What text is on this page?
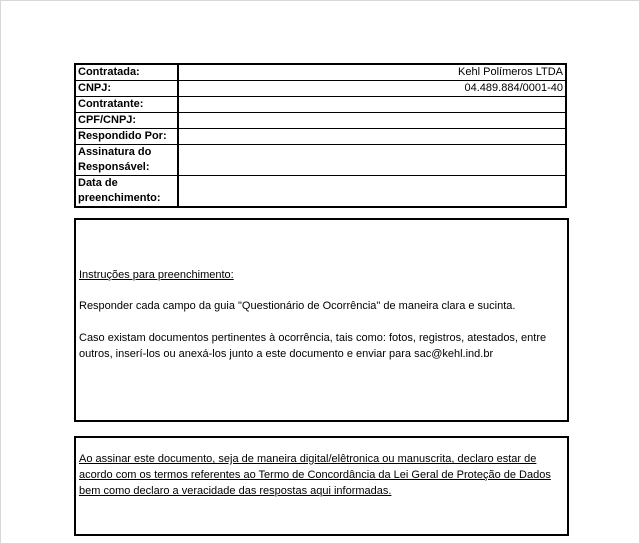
Contratada:	Kehl Polímeros LTDA
CNPJ:	04.489.884/0001-40
Contratante:	
CPF/CNPJ:	
Respondido Por:	
Assinatura do Responsável:	
Data de preenchimento:	
Instruções para preenchimento:
Responder cada campo da guia "Questionário de Ocorrência" de maneira clara e sucinta.
Caso existam documentos pertinentes à ocorrência, tais como: fotos, registros, atestados, entre outros, inserí-los ou anexá-los junto a este documento e enviar para sac@kehl.ind.br
Ao assinar este documento, seja de maneira digital/elêtronica ou manuscrita, declaro estar de acordo com os termos referentes ao Termo de Concordância da Lei Geral de Proteção de Dados bem como declaro a veracidade das respostas aqui informadas.
